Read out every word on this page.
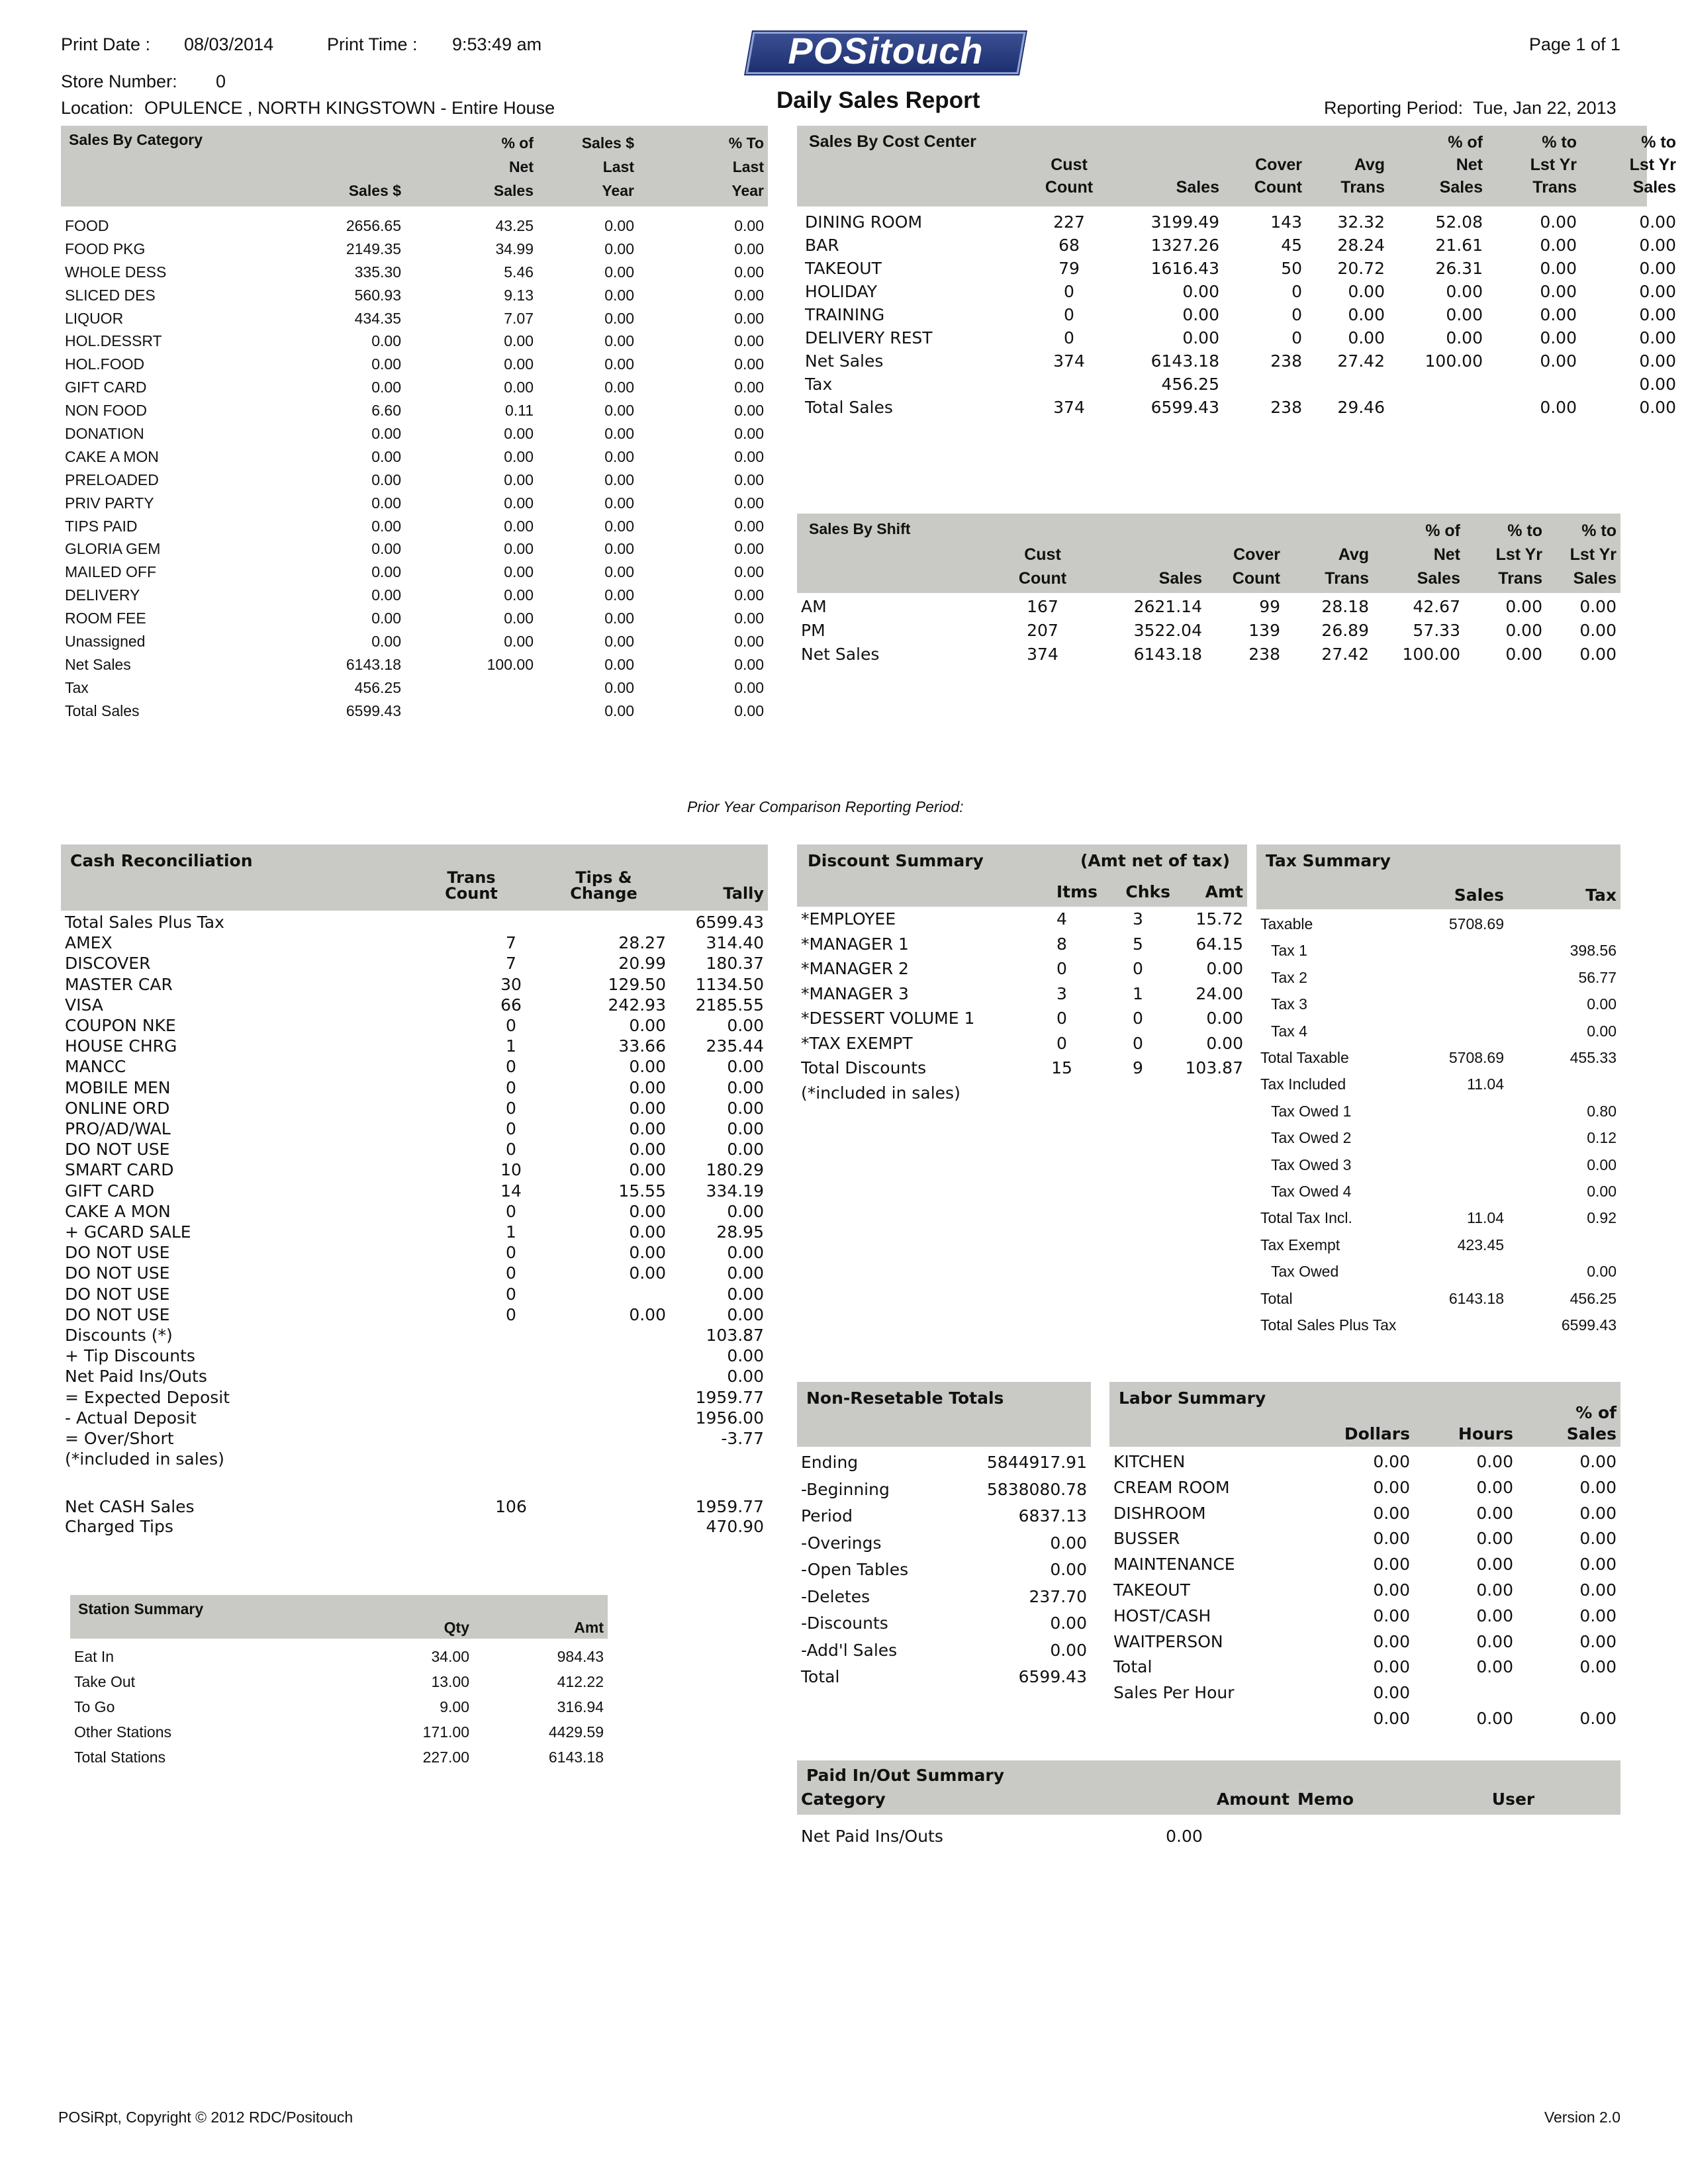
Print Date : 08/03/2014	Print Time : 9:53:49 am	POSitouch	Page 1 of 1
Store Number: 0
Location: OPULENCE , NORTH KINGSTOWN - Entire House	Daily Sales Report	Reporting Period: Tue, Jan 22, 2013
Sales By Category
		% of	Sales $	% To
	Net	Last	Last
Sales $	Sales	Year	Year
FOOD	2656.65	43.25	0.00	0.00
FOOD PKG	2149.35	34.99	0.00	0.00
WHOLE DESS	335.30	5.46	0.00	0.00
SLICED DES	560.93	9.13	0.00	0.00
LIQUOR	434.35	7.07	0.00	0.00
HOL.DESSRT	0.00	0.00	0.00	0.00
HOL.FOOD	0.00	0.00	0.00	0.00
GIFT CARD	0.00	0.00	0.00	0.00
NON FOOD	6.60	0.11	0.00	0.00
DONATION	0.00	0.00	0.00	0.00
CAKE A MON	0.00	0.00	0.00	0.00
PRELOADED	0.00	0.00	0.00	0.00
PRIV PARTY	0.00	0.00	0.00	0.00
TIPS PAID	0.00	0.00	0.00	0.00
GLORIA GEM	0.00	0.00	0.00	0.00
MAILED OFF	0.00	0.00	0.00	0.00
DELIVERY	0.00	0.00	0.00	0.00
ROOM FEE	0.00	0.00	0.00	0.00
Unassigned	0.00	0.00	0.00	0.00
Net Sales	6143.18	100.00	0.00	0.00
Tax	456.25		0.00	0.00
Total Sales	6599.43		0.00	0.00
Sales By Cost Center
						% of	% to	% to
	Cust		Cover	Avg	Net	Lst Yr	Lst Yr
	Count	Sales	Count	Trans	Sales	Trans	Sales
DINING ROOM	227	3199.49	143	32.32	52.08	0.00	0.00
BAR	68	1327.26	45	28.24	21.61	0.00	0.00
TAKEOUT	79	1616.43	50	20.72	26.31	0.00	0.00
HOLIDAY	0	0.00	0	0.00	0.00	0.00	0.00
TRAINING	0	0.00	0	0.00	0.00	0.00	0.00
DELIVERY REST	0	0.00	0	0.00	0.00	0.00	0.00
Net Sales	374	6143.18	238	27.42	100.00	0.00	0.00
Tax		456.25					0.00
Total Sales	374	6599.43	238	29.46		0.00	0.00
Sales By Shift
						% of	% to	% to
	Cust		Cover	Avg	Net	Lst Yr	Lst Yr
	Count	Sales	Count	Trans	Sales	Trans	Sales
AM	167	2621.14	99	28.18	42.67	0.00	0.00
PM	207	3522.04	139	26.89	57.33	0.00	0.00
Net Sales	374	6143.18	238	27.42	100.00	0.00	0.00
Prior Year Comparison Reporting Period:
Cash Reconciliation
	Trans	Tips &	
	Count	Change	Tally
Total Sales Plus Tax			6599.43
AMEX	7	28.27	314.40
DISCOVER	7	20.99	180.37
MASTER CAR	30	129.50	1134.50
VISA	66	242.93	2185.55
COUPON NKE	0	0.00	0.00
HOUSE CHRG	1	33.66	235.44
MANCC	0	0.00	0.00
MOBILE MEN	0	0.00	0.00
ONLINE ORD	0	0.00	0.00
PRO/AD/WAL	0	0.00	0.00
DO NOT USE	0	0.00	0.00
SMART CARD	10	0.00	180.29
GIFT CARD	14	15.55	334.19
CAKE A MON	0	0.00	0.00
+ GCARD SALE	1	0.00	28.95
DO NOT USE	0	0.00	0.00
DO NOT USE	0	0.00	0.00
DO NOT USE	0		0.00
DO NOT USE	0	0.00	0.00
Discounts (*)			103.87
+ Tip Discounts			0.00
Net Paid Ins/Outs			0.00
= Expected Deposit			1959.77
- Actual Deposit			1956.00
= Over/Short			-3.77
(*included in sales)			
Net CASH Sales	106		1959.77
Charged Tips			470.90
Discount Summary	(Amt net of tax)
	Itms	Chks	Amt
*EMPLOYEE	4	3	15.72
*MANAGER 1	8	5	64.15
*MANAGER 2	0	0	0.00
*MANAGER 3	3	1	24.00
*DESSERT VOLUME 1	0	0	0.00
*TAX EXEMPT	0	0	0.00
Total Discounts	15	9	103.87
(*included in sales)			
Tax Summary
	Sales	Tax
Taxable	5708.69	
Tax 1		398.56
Tax 2		56.77
Tax 3		0.00
Tax 4		0.00
Total Taxable	5708.69	455.33
Tax Included	11.04	
Tax Owed 1		0.80
Tax Owed 2		0.12
Tax Owed 3		0.00
Tax Owed 4		0.00
Total Tax Incl.	11.04	0.92
Tax Exempt	423.45	
Tax Owed		0.00
Total	6143.18	456.25
Total Sales Plus Tax		6599.43
Station Summary
	Qty	Amt
Eat In	34.00	984.43
Take Out	13.00	412.22
To Go	9.00	316.94
Other Stations	171.00	4429.59
Total Stations	227.00	6143.18
Non-Resetable Totals
Ending	5844917.91
-Beginning	5838080.78
Period	6837.13
-Overings	0.00
-Open Tables	0.00
-Deletes	237.70
-Discounts	0.00
-Add'l Sales	0.00
Total	6599.43
Labor Summary
			% of
	Dollars	Hours	Sales
KITCHEN	0.00	0.00	0.00
CREAM ROOM	0.00	0.00	0.00
DISHROOM	0.00	0.00	0.00
BUSSER	0.00	0.00	0.00
MAINTENANCE	0.00	0.00	0.00
TAKEOUT	0.00	0.00	0.00
HOST/CASH	0.00	0.00	0.00
WAITPERSON	0.00	0.00	0.00
Total	0.00	0.00	0.00
Sales Per Hour	0.00		
	0.00	0.00	0.00
Paid In/Out Summary
Category	Amount	Memo	User
Net Paid Ins/Outs	0.00		
POSiRpt, Copyright © 2012 RDC/Positouch	Version 2.0
